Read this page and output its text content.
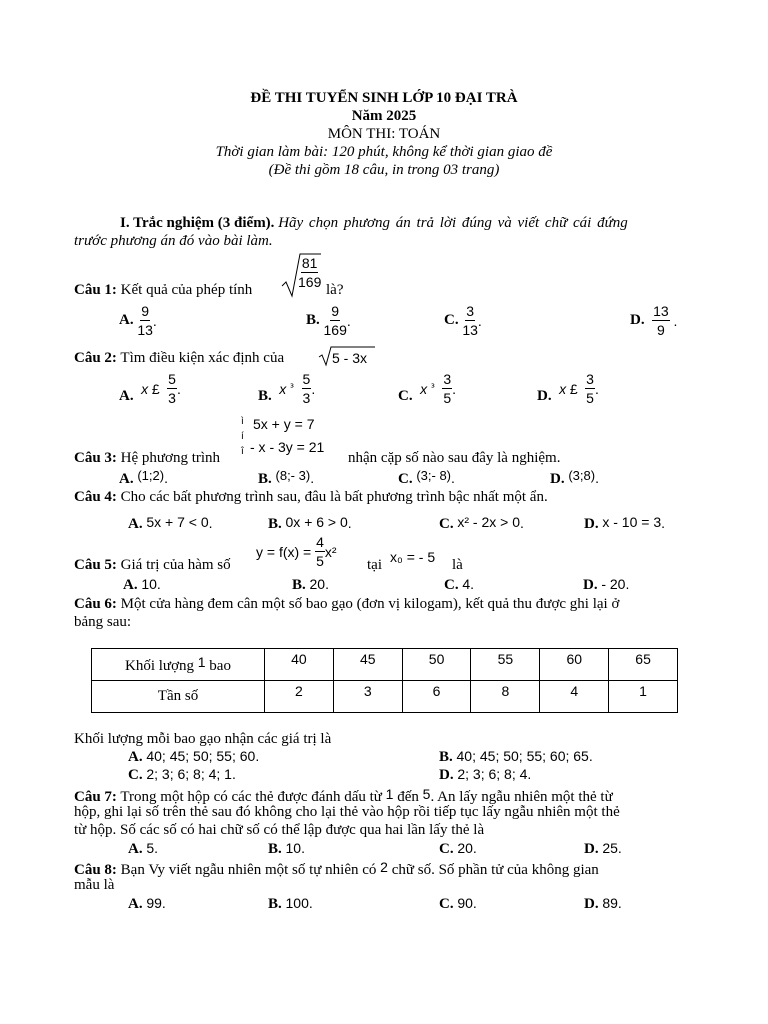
ĐỀ THI TUYỂN SINH LỚP 10 ĐẠI TRÀ
Năm 2025
MÔN THI: TOÁN
Thời gian làm bài: 120 phút, không kể thời gian giao đề
(Đề thi gồm 18 câu, in trong 03 trang)
I. Trắc nghiệm (3 điểm). Hãy chọn phương án trả lời đúng và viết chữ cái đứng
trước phương án đó vào bài làm.
Câu 1: Kết quả của phép tính
$\frac{81}{169}$
là?
A.
$\frac{9}{13}$ .	B.
$\frac{9}{169}$ .	C.
$\frac{3}{13}$ .	D.
$\frac{13}{9}$ .
Câu 2: Tìm điều kiện xác định của	5 - 3x
A.
x
£
$\frac{5}{3}$ .	B.
x
³
$\frac{5}{3}$ .	C.
x
³
$\frac{3}{5}$ .	D.
x
£
$\frac{3}{5}$ .
Câu 3: Hệ phương trình
ì
í
î
5x + y = 7
- x - 3y = 21
nhận cặp số nào sau đây là nghiệm.
A. (1;2).	B. (8;- 3).	C. (3;- 8).	D. (3;8).
Câu 4: Cho các bất phương trình sau, đâu là bất phương trình bậc nhất một ẩn.
A. 5x + 7 < 0.	B. 0x + 6 > 0.	C. x² - 2x > 0.	D. x - 10 = 3.
Câu 5: Giá trị của hàm số
y = f(x) =
$\frac{4}{5} x^2$
tại x₀ = - 5 là
A. 10.	B. 20.	C. 4.	D. - 20.
Câu 6: Một cửa hàng đem cân một số bao gạo (đơn vị kilogam), kết quả thu được ghi lại ở
bảng sau:
Khối lượng 1 bao	40	45	50	55	60	65
Tần số	2	3	6	8	4	1
Khối lượng mỗi bao gạo nhận các giá trị là
A. 40; 45; 50; 55; 60.	B. 40; 45; 50; 55; 60; 65.
C. 2; 3; 6; 8; 4; 1.	D. 2; 3; 6; 8; 4.
Câu 7: Trong một hộp có các thẻ được đánh dấu từ 1 đến 5. An lấy ngẫu nhiên một thẻ từ
hộp, ghi lại số trên thẻ sau đó không cho lại thẻ vào hộp rồi tiếp tục lấy ngẫu nhiên một thẻ
từ hộp. Số các số có hai chữ số có thể lập được qua hai lần lấy thẻ là
A. 5.	B. 10.	C. 20.	D. 25.
Câu 8: Bạn Vy viết ngẫu nhiên một số tự nhiên có 2 chữ số. Số phần tử của không gian
mẫu là
A. 99.	B. 100.	C. 90.	D. 89.
